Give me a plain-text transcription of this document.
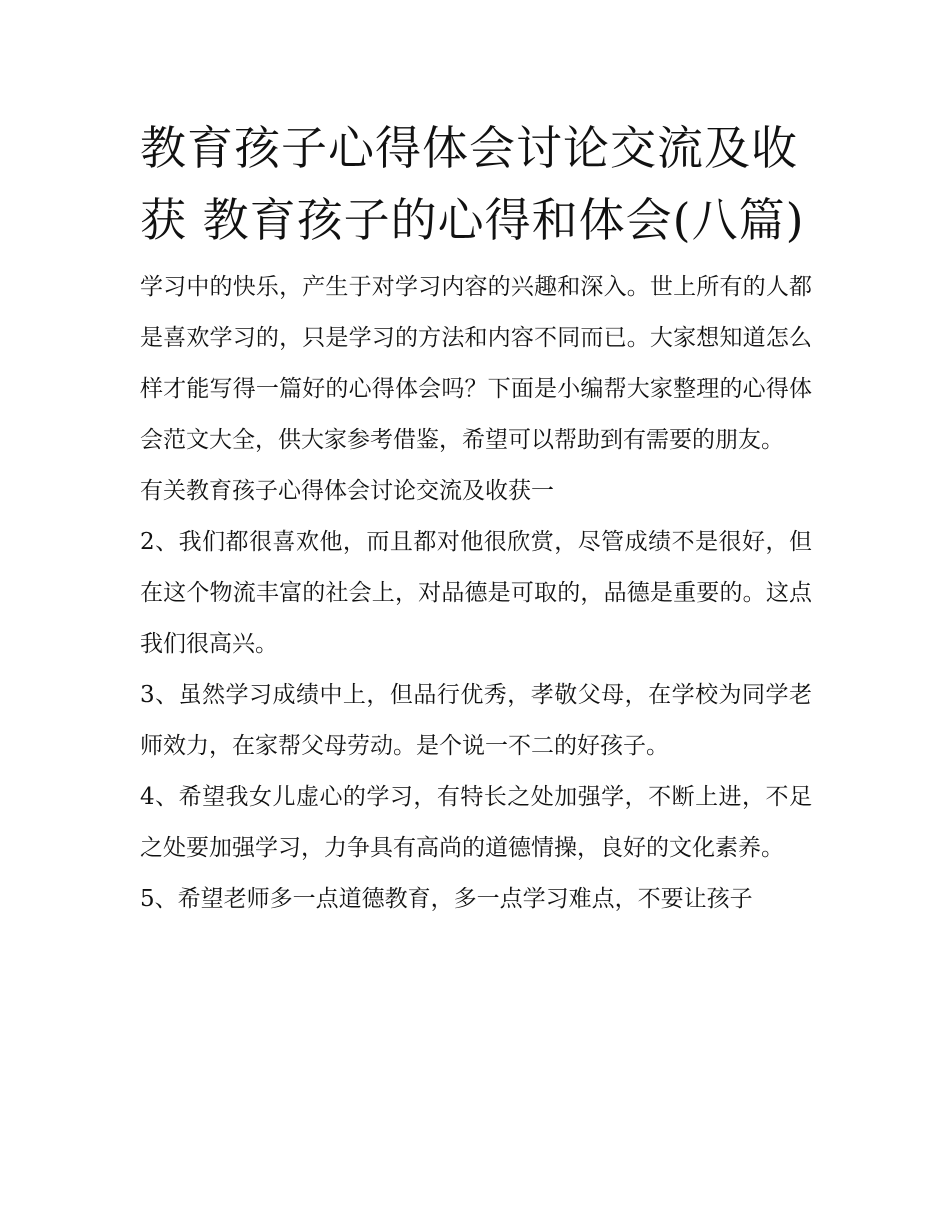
教育孩子心得体会讨论交流及收获 教育孩子的心得和体会(八篇)

学习中的快乐，产生于对学习内容的兴趣和深入。世上所有的人都是喜欢学习的，只是学习的方法和内容不同而已。大家想知道怎么样才能写得一篇好的心得体会吗？下面是小编帮大家整理的心得体会范文大全，供大家参考借鉴，希望可以帮助到有需要的朋友。

有关教育孩子心得体会讨论交流及收获一

2、我们都很喜欢他，而且都对他很欣赏，尽管成绩不是很好，但在这个物流丰富的社会上，对品德是可取的，品德是重要的。这点我们很高兴。

3、虽然学习成绩中上，但品行优秀，孝敬父母，在学校为同学老师效力，在家帮父母劳动。是个说一不二的好孩子。

4、希望我女儿虚心的学习，有特长之处加强学，不断上进，不足之处要加强学习，力争具有高尚的道德情操，良好的文化素养。

5、希望老师多一点道德教育，多一点学习难点，不要让孩子
